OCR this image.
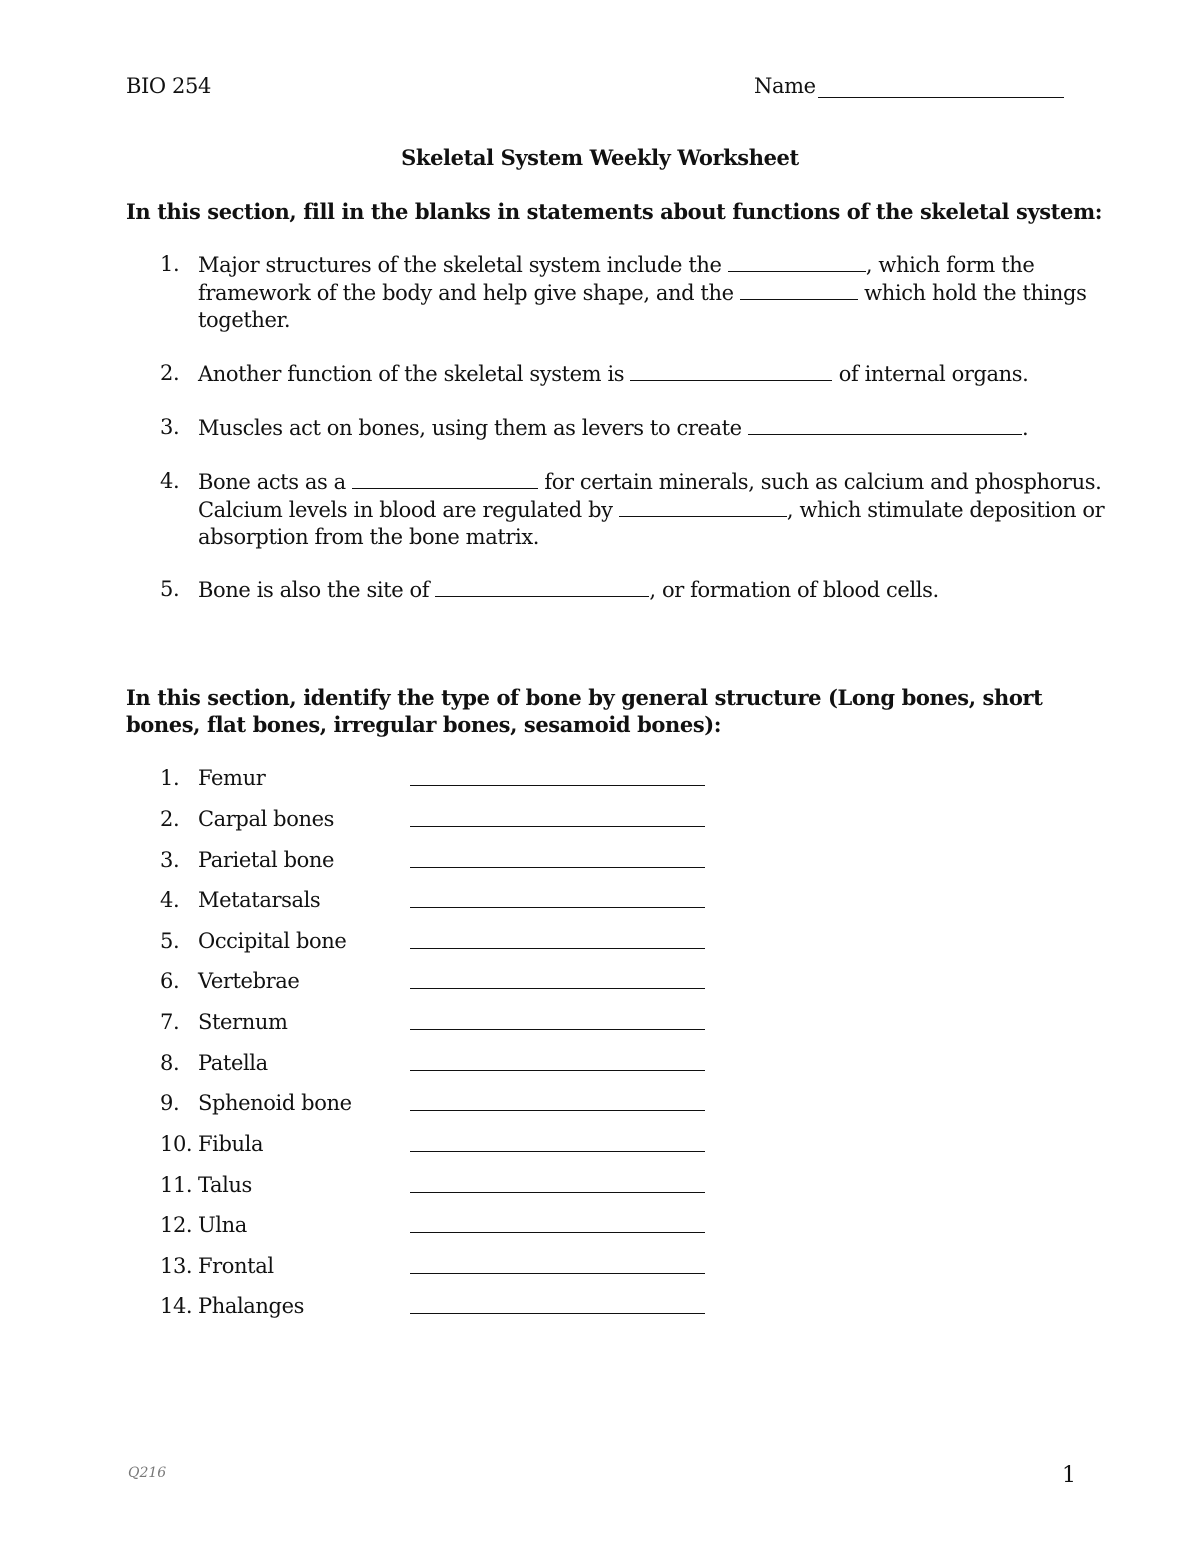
BIO 254	Name
Skeletal System Weekly Worksheet
In this section, fill in the blanks in statements about functions of the skeletal system:
1. Major structures of the skeletal system include the	, which form the
framework of the body and help give shape, and the	which hold the things
together.
2. Another function of the skeletal system is	of internal organs.
3. Muscles act on bones, using them as levers to create	.
4. Bone acts as a	for certain minerals, such as calcium and phosphorus.
Calcium levels in blood are regulated by	, which stimulate deposition or
absorption from the bone matrix.
5. Bone is also the site of	, or formation of blood cells.
In this section, identify the type of bone by general structure (Long bones, short bones, flat bones, irregular bones, sesamoid bones):
1. Femur
2. Carpal bones
3. Parietal bone
4. Metatarsals
5. Occipital bone
6. Vertebrae
7. Sternum
8. Patella
9. Sphenoid bone
10. Fibula
11. Talus
12. Ulna
13. Frontal
14. Phalanges
Q216	1
